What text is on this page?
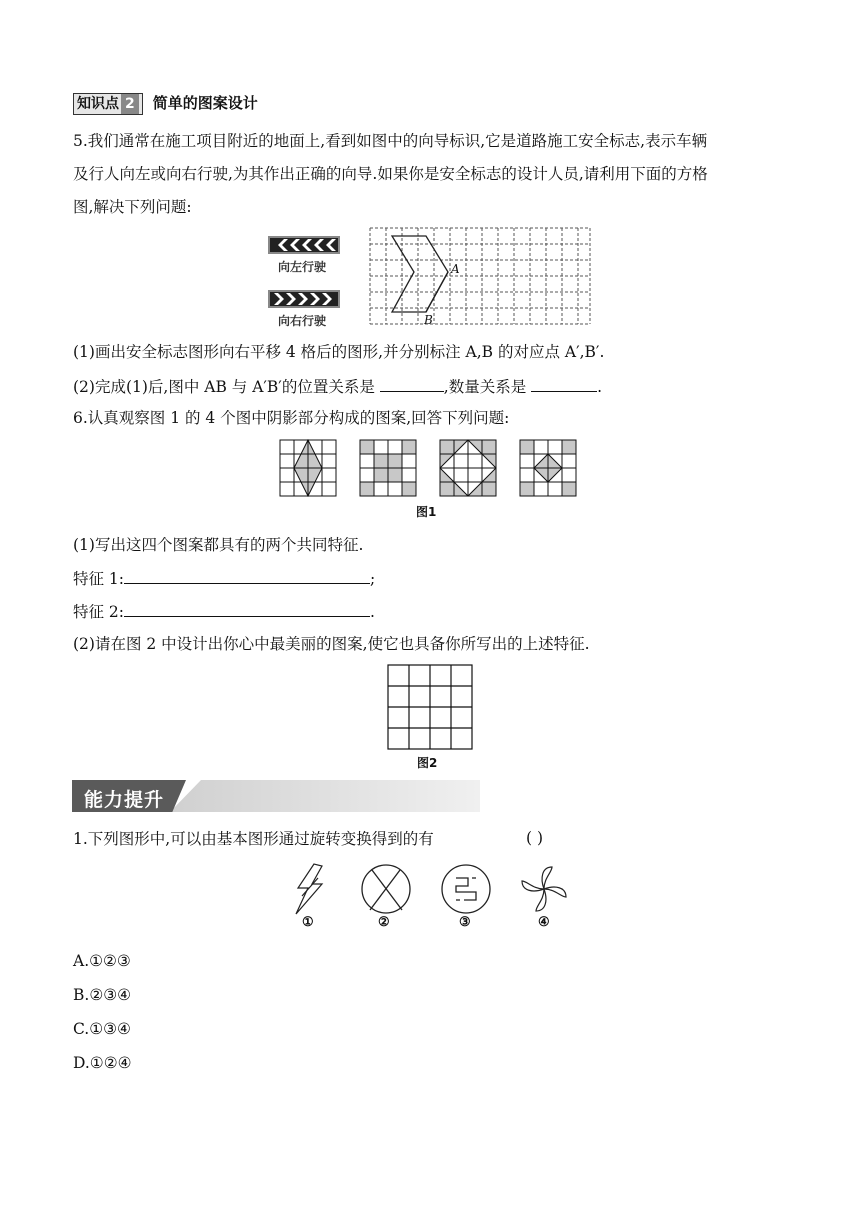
知识点 2 简单的图案设计
5.我们通常在施工项目附近的地面上,看到如图中的向导标识,它是道路施工安全标志,表示车辆
及行人向左或向右行驶,为其作出正确的向导.如果你是安全标志的设计人员,请利用下面的方格
图,解决下列问题:
向左行驶
向右行驶
A
B
(1)画出安全标志图形向右平移 4 格后的图形,并分别标注 A,B 的对应点 A′,B′.
(2)完成(1)后,图中 AB 与 A′B′的位置关系是	,数量关系是	.
6.认真观察图 1 的 4 个图中阴影部分构成的图案,回答下列问题:
图1
(1)写出这四个图案都具有的两个共同特征.
特征 1:	;
特征 2:	.
(2)请在图 2 中设计出你心中最美丽的图案,使它也具备你所写出的上述特征.
图2
能力提升
1.下列图形中,可以由基本图形通过旋转变换得到的有	( )
①	②	③	④
A.①②③
B.②③④
C.①③④
D.①②④
